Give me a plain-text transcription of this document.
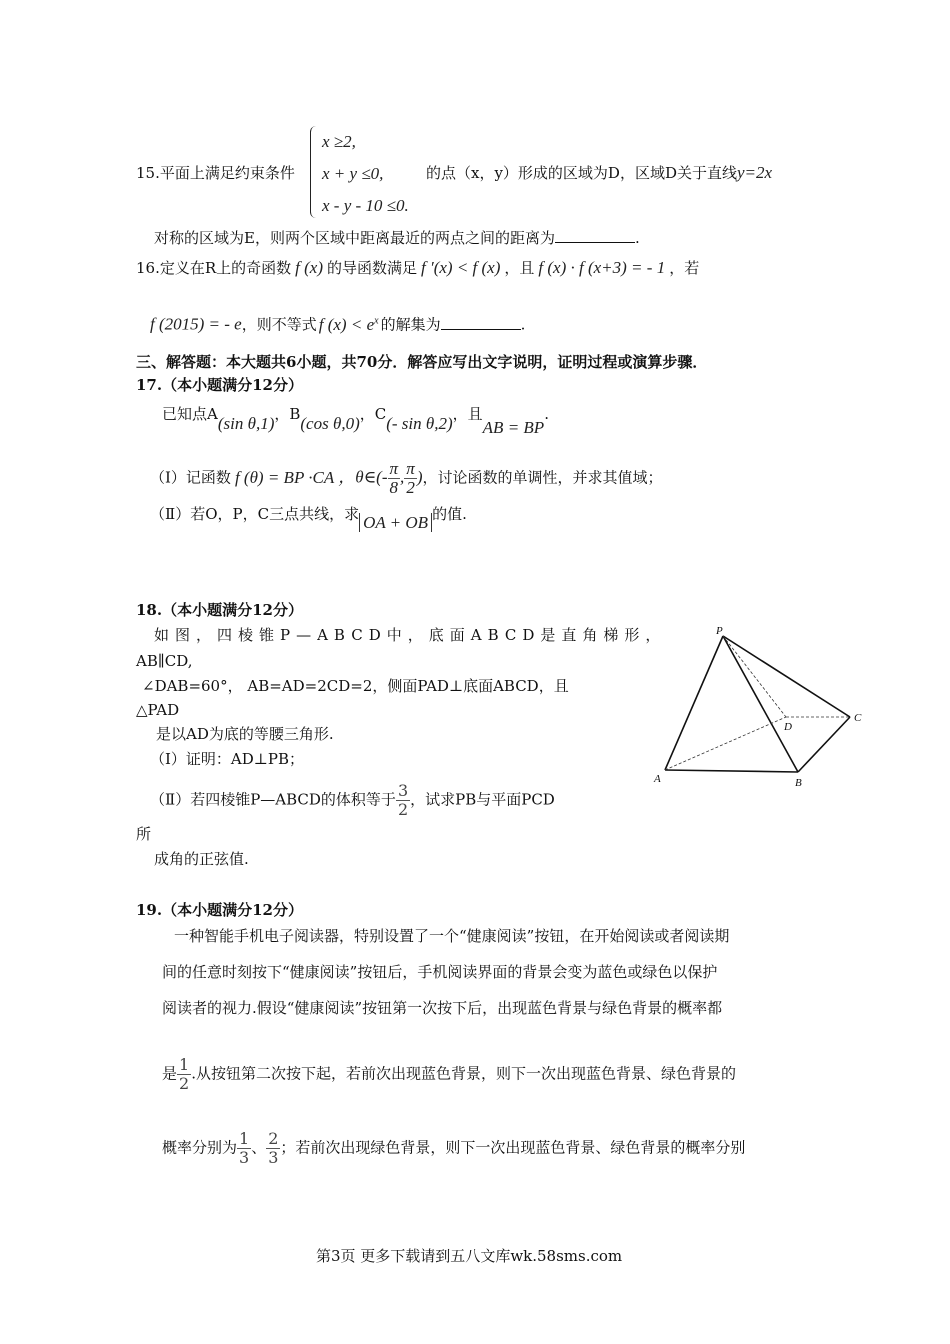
x ≥2,
x + y ≤0,
x - y - 10 ≤0.
15.平面上满足约束条件	的点（x，y）形成的区域为D，区域D关于直线y=2x
对称的区域为E，则两个区域中距离最近的两点之间的距离为	.
16.定义在R上的奇函数 f (x) 的导函数满足 f ′(x) < f (x) ，且 f (x) · f (x+3) = - 1 ，若
f (2015) = - e，则不等式 f $(x) < e^x$ 的解集为	.
三、解答题：本大题共6小题，共70分．解答应写出文字说明，证明过程或演算步骤．
17.（本小题满分12分）
已知点A(sin θ,1)，B(cos θ,0)，C(- sin θ,2)，且AB = BP.
（Ⅰ）记函数 f (θ) = BP ·CA ，θ∈(- $\frac{\pi}{8}$ , $\frac{\pi}{2}$ )，讨论函数的单调性，并求其值域；
（Ⅱ）若O，P，C三点共线，求 OA + OB 的值.
18.（本小题满分12分）
如图，四棱锥P—ABCD中，底面ABCD是直角梯形，
AB∥CD,
∠DAB=60°， AB=AD=2CD=2，侧面PAD⊥底面ABCD，且
△PAD
是以AD为底的等腰三角形.
（Ⅰ）证明：AD⊥PB；
（Ⅱ）若四棱锥P—ABCD的体积等于 $\frac{3}{2}$ ，试求PB与平面PCD
所
成角的正弦值.
P
A	B
C
D
19.（本小题满分12分）
一种智能手机电子阅读器，特别设置了一个“健康阅读”按钮，在开始阅读或者阅读期
间的任意时刻按下“健康阅读”按钮后，手机阅读界面的背景会变为蓝色或绿色以保护
阅读者的视力.假设“健康阅读”按钮第一次按下后，出现蓝色背景与绿色背景的概率都
是 $\frac{1}{2}$ .从按钮第二次按下起，若前次出现蓝色背景，则下一次出现蓝色背景、绿色背景的
概率分别为 $\frac{1}{3}$ 、 $\frac{2}{3}$ ；若前次出现绿色背景，则下一次出现蓝色背景、绿色背景的概率分别
第3页 更多下载请到五八文库wk.58sms.com
